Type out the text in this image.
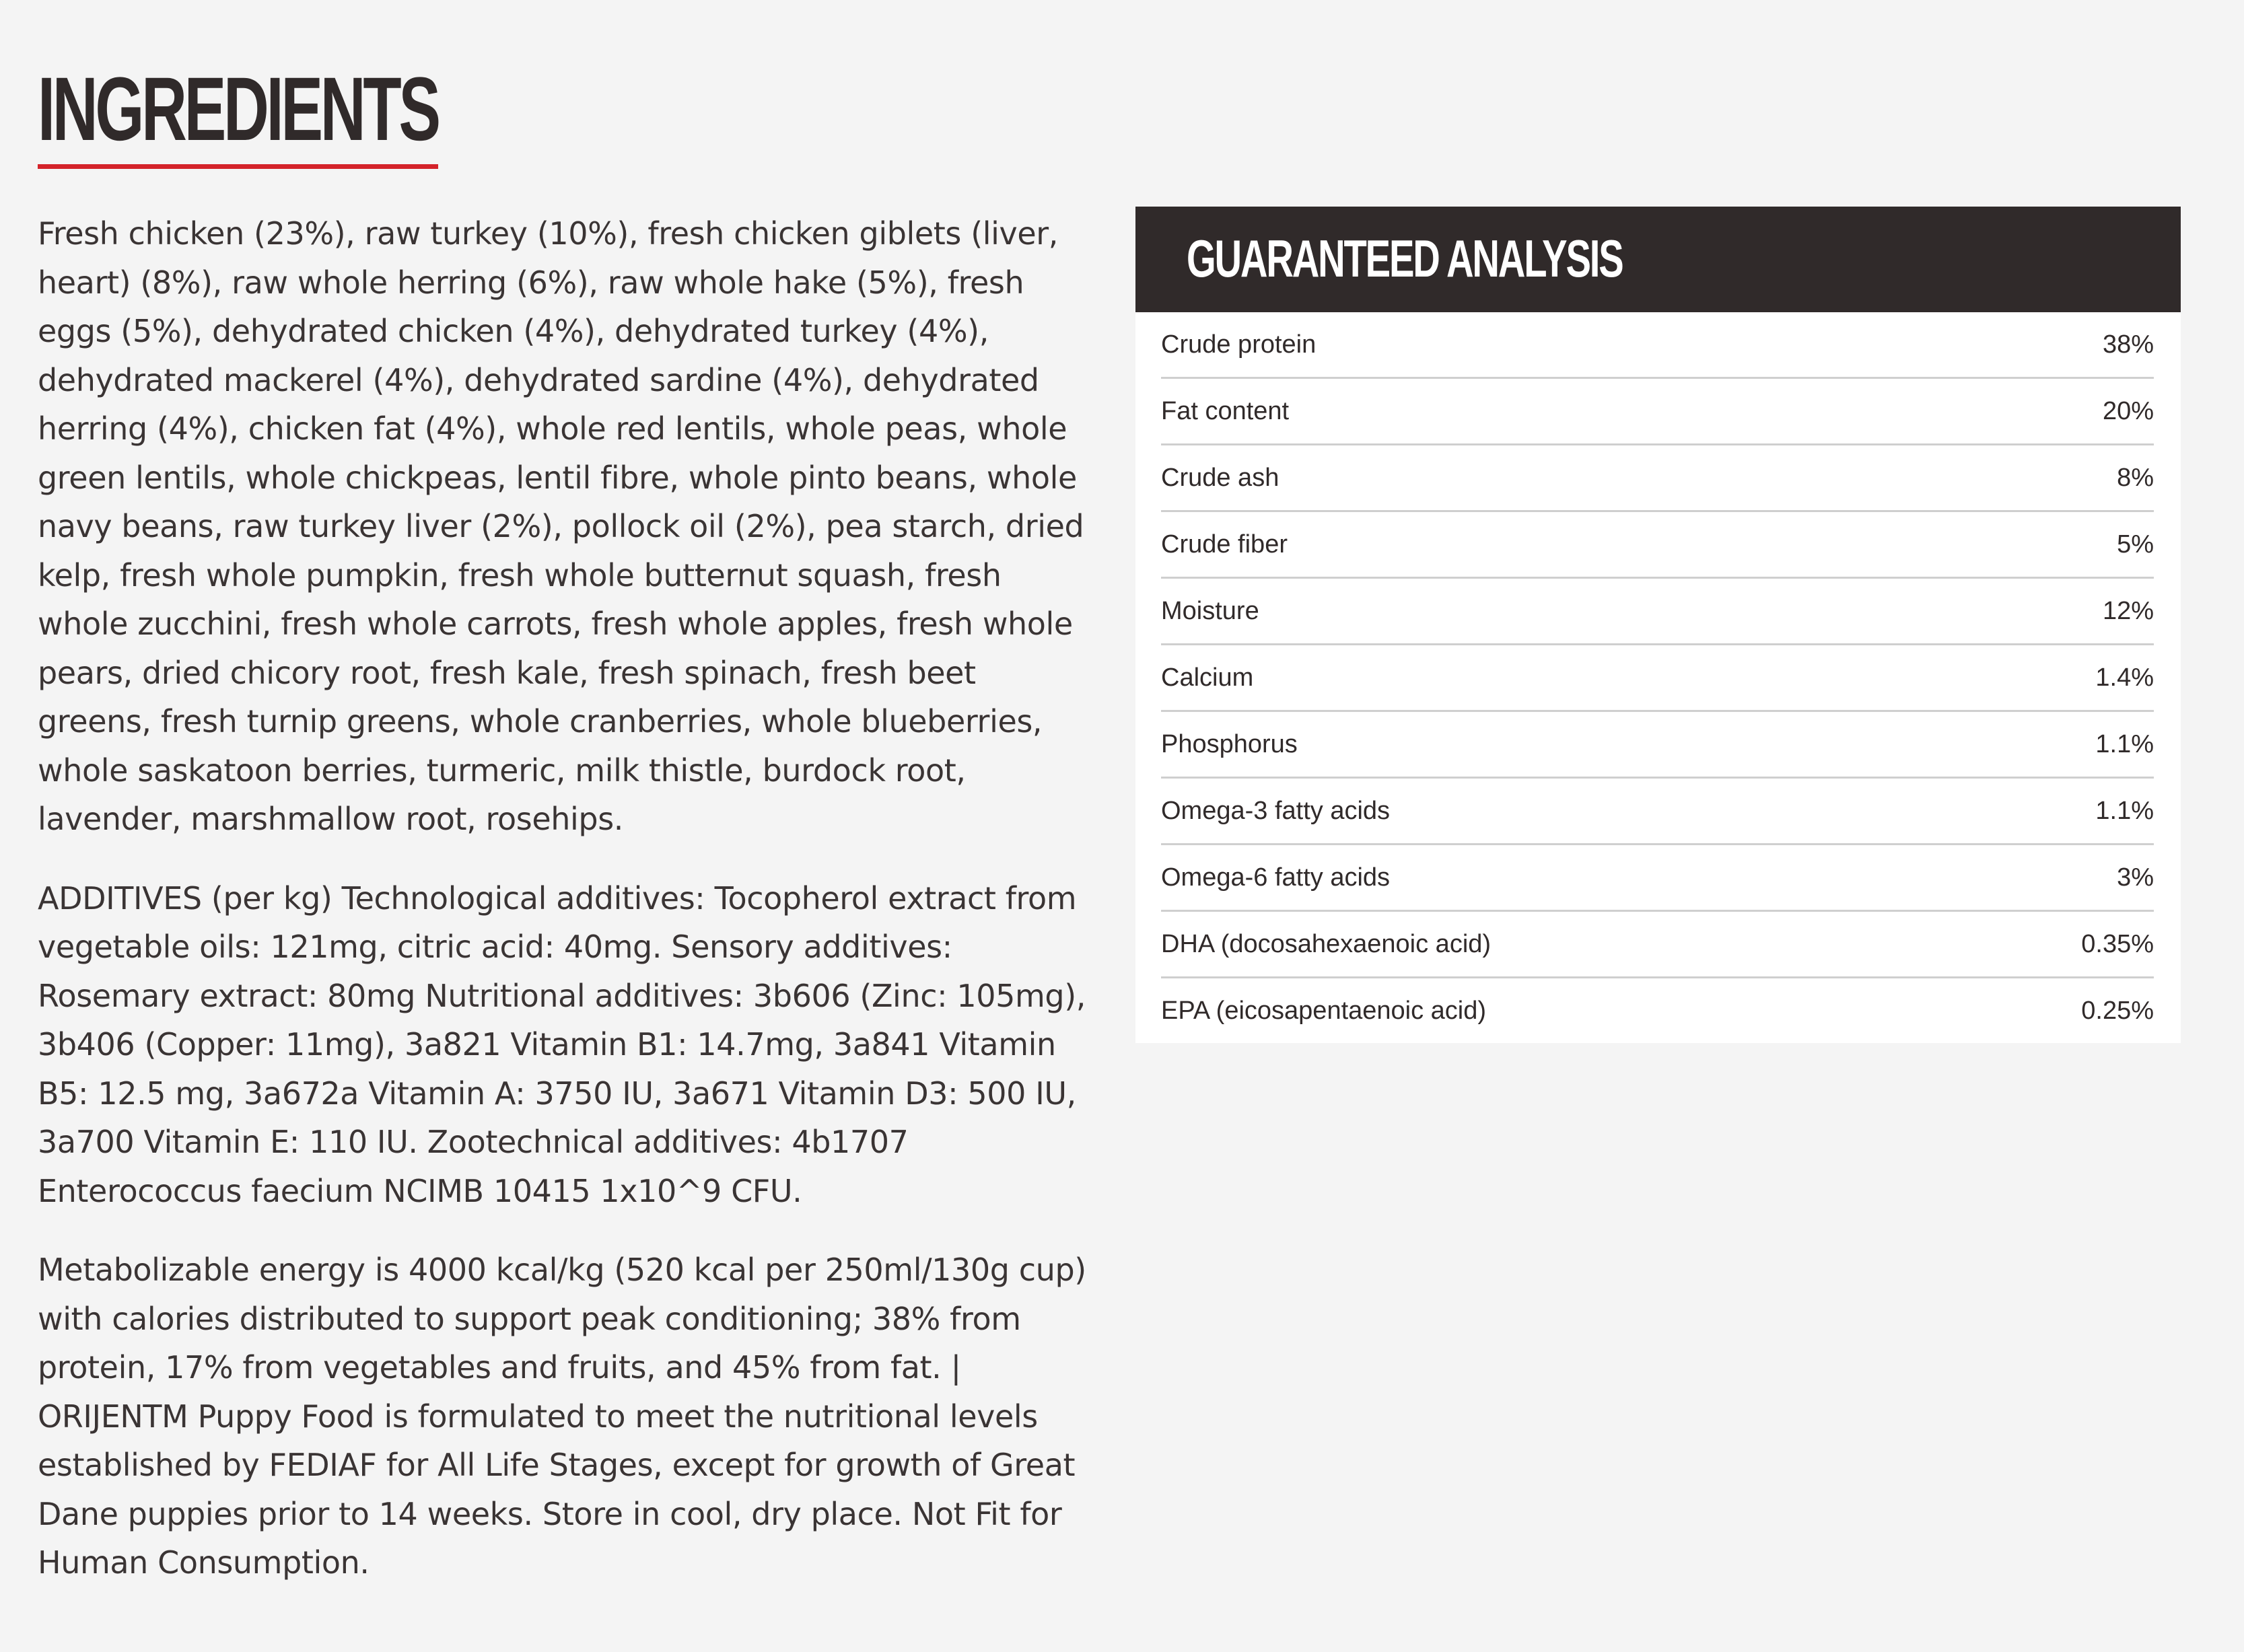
INGREDIENTS

Fresh chicken (23%), raw turkey (10%), fresh chicken giblets (liver, heart) (8%), raw whole herring (6%), raw whole hake (5%), fresh eggs (5%), dehydrated chicken (4%), dehydrated turkey (4%), dehydrated mackerel (4%), dehydrated sardine (4%), dehydrated herring (4%), chicken fat (4%), whole red lentils, whole peas, whole green lentils, whole chickpeas, lentil fibre, whole pinto beans, whole navy beans, raw turkey liver (2%), pollock oil (2%), pea starch, dried kelp, fresh whole pumpkin, fresh whole butternut squash, fresh whole zucchini, fresh whole carrots, fresh whole apples, fresh whole pears, dried chicory root, fresh kale, fresh spinach, fresh beet greens, fresh turnip greens, whole cranberries, whole blueberries, whole saskatoon berries, turmeric, milk thistle, burdock root, lavender, marshmallow root, rosehips.

ADDITIVES (per kg) Technological additives: Tocopherol extract from vegetable oils: 121mg, citric acid: 40mg. Sensory additives: Rosemary extract: 80mg Nutritional additives: 3b606 (Zinc: 105mg), 3b406 (Copper: 11mg), 3a821 Vitamin B1: 14.7mg, 3a841 Vitamin B5: 12.5 mg, 3a672a Vitamin A: 3750 IU, 3a671 Vitamin D3: 500 IU, 3a700 Vitamin E: 110 IU. Zootechnical additives: 4b1707 Enterococcus faecium NCIMB 10415 1x10^9 CFU.

Metabolizable energy is 4000 kcal/kg (520 kcal per 250ml/130g cup) with calories distributed to support peak conditioning; 38% from protein, 17% from vegetables and fruits, and 45% from fat. | ORIJENTM Puppy Food is formulated to meet the nutritional levels established by FEDIAF for All Life Stages, except for growth of Great Dane puppies prior to 14 weeks. Store in cool, dry place. Not Fit for Human Consumption.

GUARANTEED ANALYSIS
Crude protein	38%
Fat content	20%
Crude ash	8%
Crude fiber	5%
Moisture	12%
Calcium	1.4%
Phosphorus	1.1%
Omega-3 fatty acids	1.1%
Omega-6 fatty acids	3%
DHA (docosahexaenoic acid)	0.35%
EPA (eicosapentaenoic acid)	0.25%
